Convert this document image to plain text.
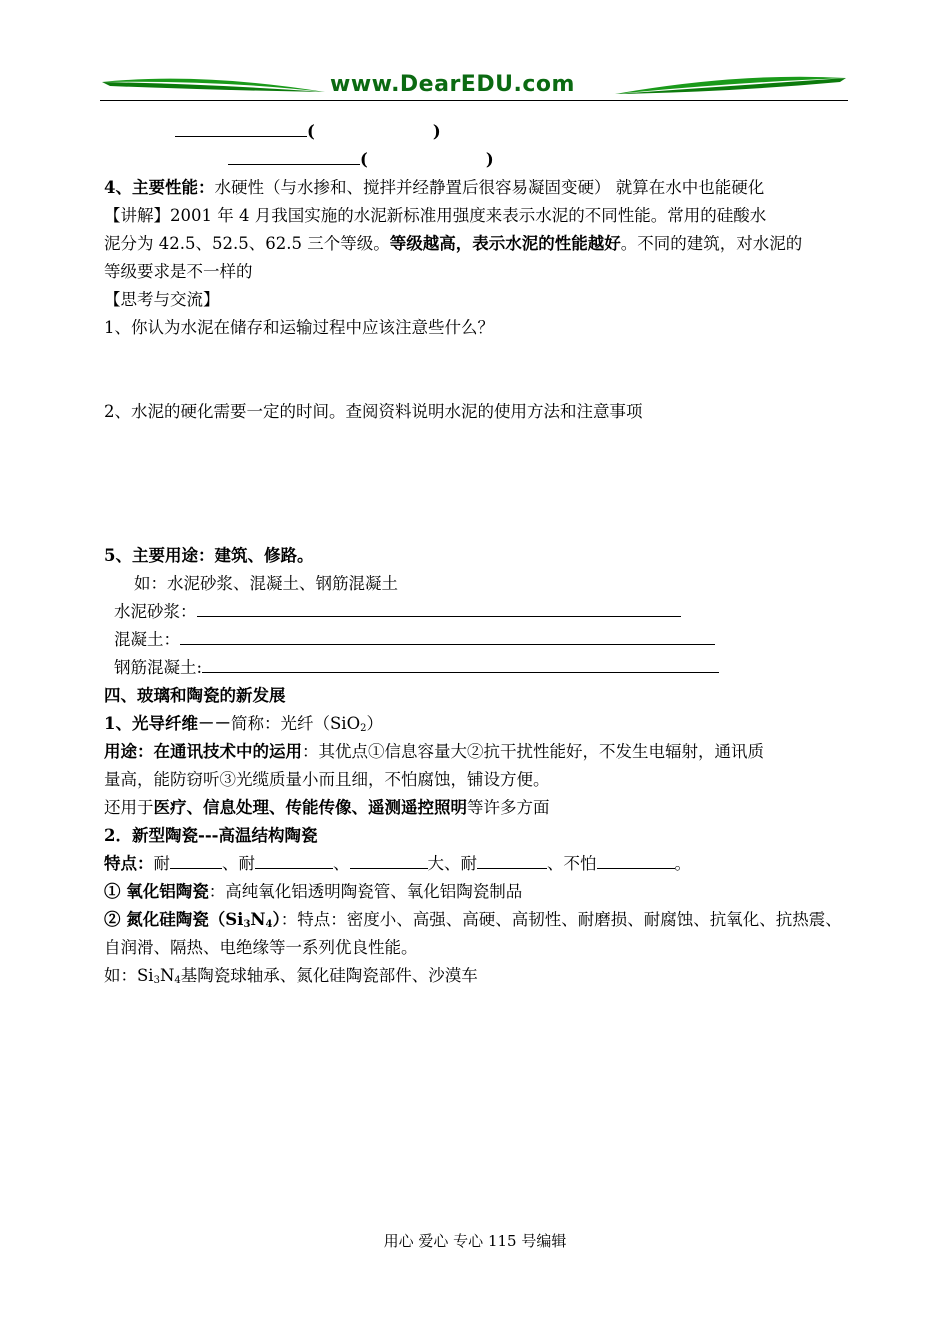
www.DearEDU.com
(	)
(	)
4、主要性能：水硬性（与水掺和、搅拌并经静置后很容易凝固变硬） 就算在水中也能硬化
【讲解】2001 年 4 月我国实施的水泥新标准用强度来表示水泥的不同性能。常用的硅酸水
泥分为 42.5、52.5、62.5 三个等级。等级越高，表示水泥的性能越好。不同的建筑，对水泥的
等级要求是不一样的
【思考与交流】
1、你认为水泥在储存和运输过程中应该注意些什么？
2、水泥的硬化需要一定的时间。查阅资料说明水泥的使用方法和注意事项
5、主要用途：建筑、修路。
如：水泥砂浆、混凝土、钢筋混凝土
水泥砂浆：
混凝土：
钢筋混凝土:
四、玻璃和陶瓷的新发展
1、光导纤维－－简称：光纤（SiO$_2$）
用途：在通讯技术中的运用：其优点①信息容量大②抗干扰性能好，不发生电辐射，通讯质
量高，能防窃听③光缆质量小而且细，不怕腐蚀，铺设方便。
还用于医疗、信息处理、传能传像、遥测遥控照明等许多方面
2．新型陶瓷---高温结构陶瓷
特点：耐	、耐	、	大、耐	、不怕	。
① 氧化铝陶瓷：高纯氧化铝透明陶瓷管、氧化铝陶瓷制品
② 氮化硅陶瓷$(Si_3N_4)$：特点：密度小、高强、高硬、高韧性、耐磨损、耐腐蚀、抗氧化、抗热震、
自润滑、隔热、电绝缘等一系列优良性能。
如：$Si_3N_4$基陶瓷球轴承、氮化硅陶瓷部件、沙漠车
用心 爱心 专心 115 号编辑
